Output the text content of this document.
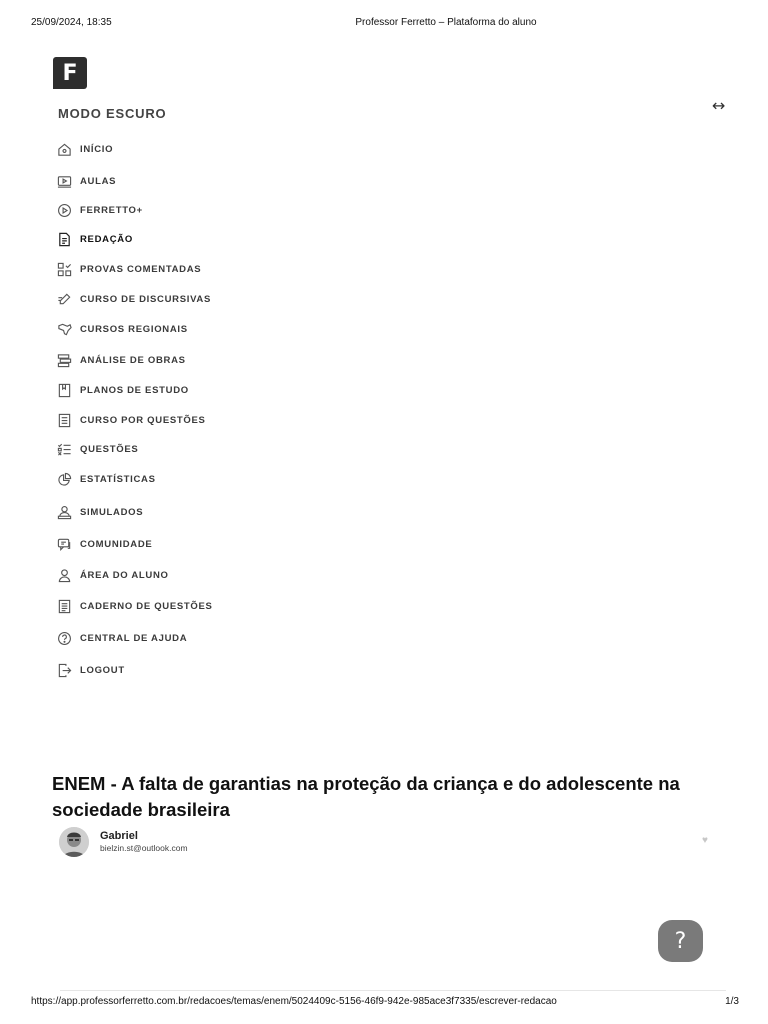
25/09/2024, 18:35	Professor Ferretto – Plataforma do aluno
F
MODO ESCURO	↔
INÍCIO
AULAS
FERRETTO+
REDAÇÃO
PROVAS COMENTADAS
CURSO DE DISCURSIVAS
CURSOS REGIONAIS
ANÁLISE DE OBRAS
PLANOS DE ESTUDO
CURSO POR QUESTÕES
QUESTÕES
ESTATÍSTICAS
SIMULADOS
COMUNIDADE
ÁREA DO ALUNO
CADERNO DE QUESTÕES
CENTRAL DE AJUDA
LOGOUT
ENEM - A falta de garantias na proteção da criança e do adolescente na sociedade brasileira
Gabriel
bielzin.st@outlook.com
♥
?
https://app.professorferretto.com.br/redacoes/temas/enem/5024409c-5156-46f9-942e-985ace3f7335/escrever-redacao	1/3
